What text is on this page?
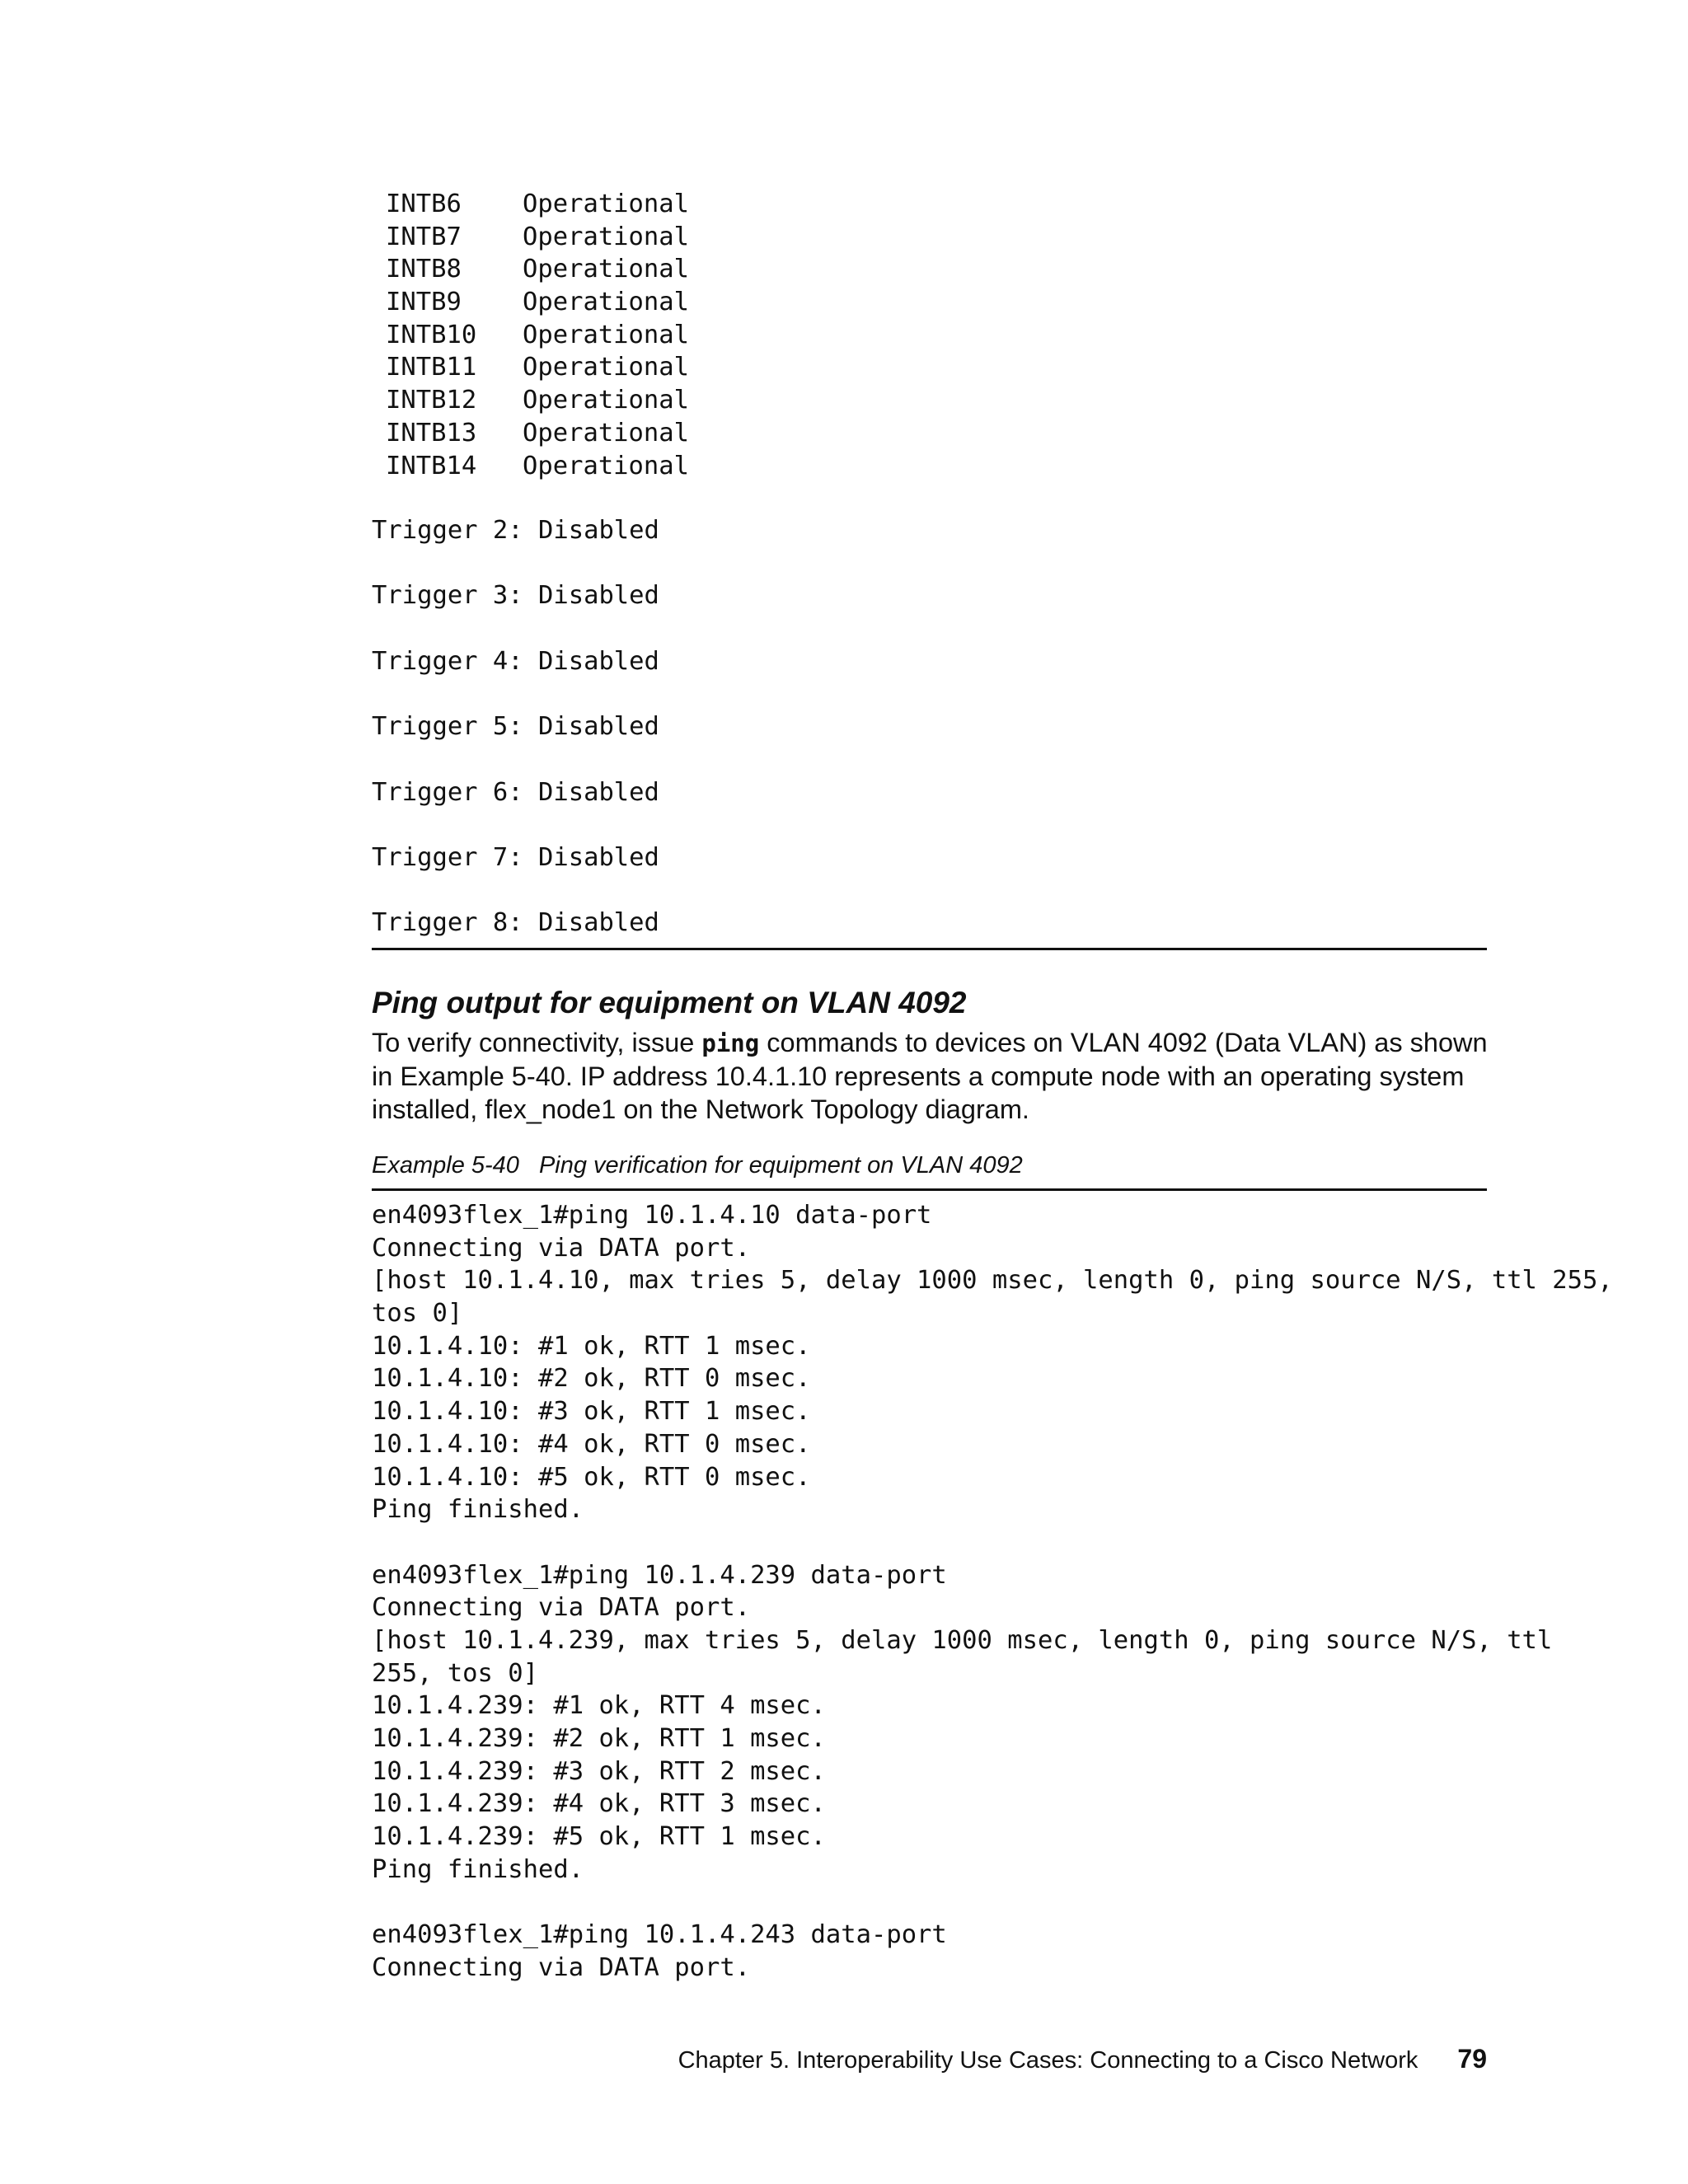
INTB6	Operational
INTB7	Operational
INTB8	Operational
INTB9	Operational
INTB10	Operational
INTB11	Operational
INTB12	Operational
INTB13	Operational
INTB14	Operational
Trigger 2: Disabled
Trigger 3: Disabled
Trigger 4: Disabled
Trigger 5: Disabled
Trigger 6: Disabled
Trigger 7: Disabled
Trigger 8: Disabled
Ping output for equipment on VLAN 4092

To verify connectivity, issue ping commands to devices on VLAN 4092 (Data VLAN) as shown in Example 5-40. IP address 10.4.1.10 represents a compute node with an operating system installed, flex_node1 on the Network Topology diagram.

Example 5-40 Ping verification for equipment on VLAN 4092

en4093flex_1#ping 10.1.4.10 data-port
Connecting via DATA port.
[host 10.1.4.10, max tries 5, delay 1000 msec, length 0, ping source N/S, ttl 255,
tos 0]
10.1.4.10: #1 ok, RTT 1 msec.
10.1.4.10: #2 ok, RTT 0 msec.
10.1.4.10: #3 ok, RTT 1 msec.
10.1.4.10: #4 ok, RTT 0 msec.
10.1.4.10: #5 ok, RTT 0 msec.
Ping finished.
en4093flex_1#ping 10.1.4.239 data-port
Connecting via DATA port.
[host 10.1.4.239, max tries 5, delay 1000 msec, length 0, ping source N/S, ttl
255, tos 0]
10.1.4.239: #1 ok, RTT 4 msec.
10.1.4.239: #2 ok, RTT 1 msec.
10.1.4.239: #3 ok, RTT 2 msec.
10.1.4.239: #4 ok, RTT 3 msec.
10.1.4.239: #5 ok, RTT 1 msec.
Ping finished.
en4093flex_1#ping 10.1.4.243 data-port
Connecting via DATA port.
Chapter 5. Interoperability Use Cases: Connecting to a Cisco Network 79
